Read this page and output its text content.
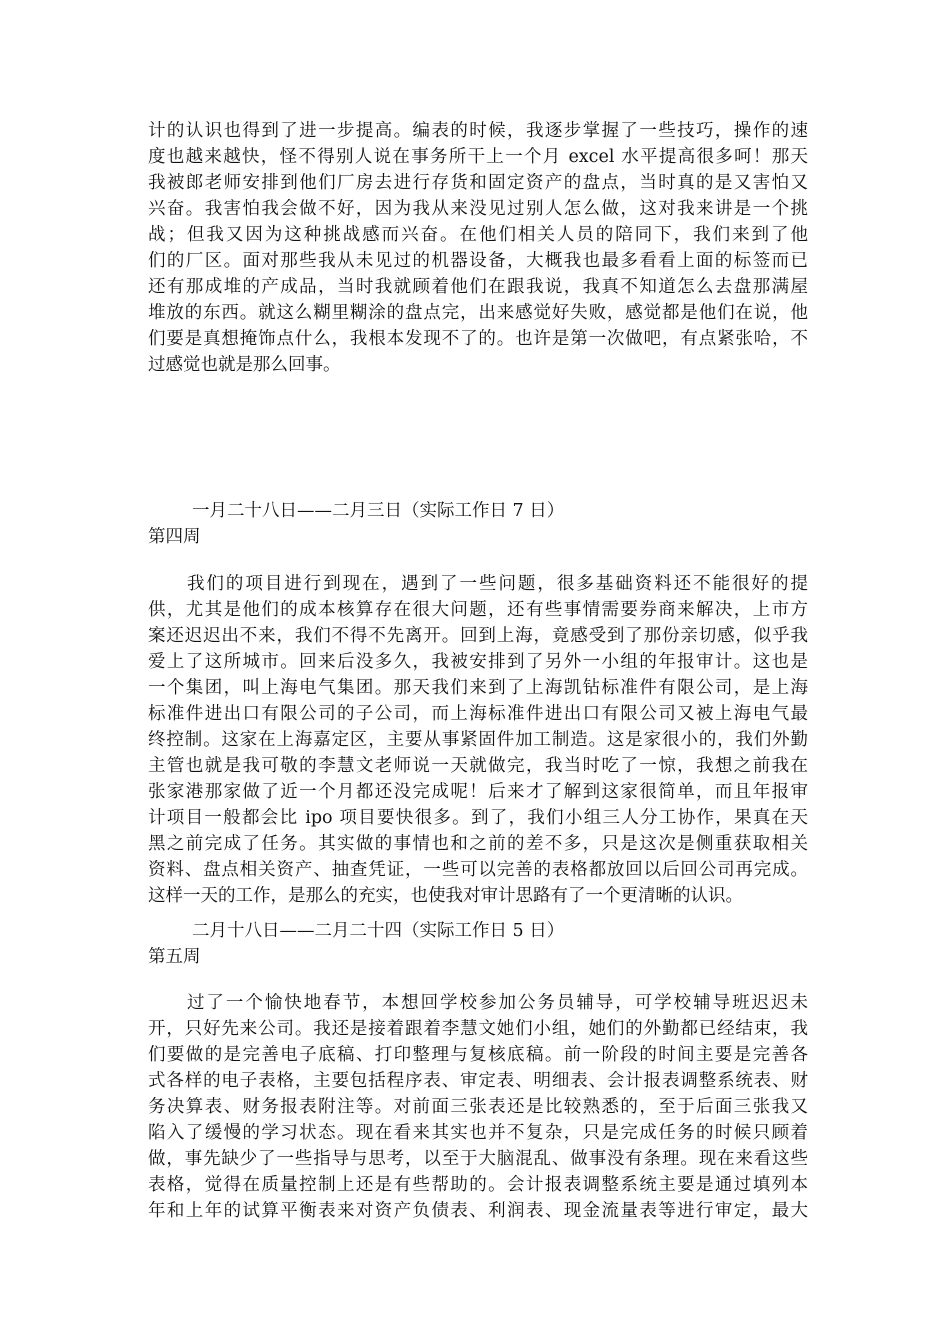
计的认识也得到了进一步提高。编表的时候，我逐步掌握了一些技巧，操作的速
度也越来越快，怪不得别人说在事务所干上一个月 excel 水平提高很多呵！那天
我被郎老师安排到他们厂房去进行存货和固定资产的盘点，当时真的是又害怕又
兴奋。我害怕我会做不好，因为我从来没见过别人怎么做，这对我来讲是一个挑
战；但我又因为这种挑战感而兴奋。在他们相关人员的陪同下，我们来到了他
们的厂区。面对那些我从未见过的机器设备，大概我也最多看看上面的标签而已
还有那成堆的产成品，当时我就顾着他们在跟我说，我真不知道怎么去盘那满屋
堆放的东西。就这么糊里糊涂的盘点完，出来感觉好失败，感觉都是他们在说，他
们要是真想掩饰点什么，我根本发现不了的。也许是第一次做吧，有点紧张哈，不
过感觉也就是那么回事。
一月二十八日——二月三日（实际工作日 7 日）
第四周
　　我们的项目进行到现在，遇到了一些问题，很多基础资料还不能很好的提
供，尤其是他们的成本核算存在很大问题，还有些事情需要券商来解决，上市方
案还迟迟出不来，我们不得不先离开。回到上海，竟感受到了那份亲切感，似乎我
爱上了这所城市。回来后没多久，我被安排到了另外一小组的年报审计。这也是
一个集团，叫上海电气集团。那天我们来到了上海凯钻标准件有限公司，是上海
标准件进出口有限公司的子公司，而上海标准件进出口有限公司又被上海电气最
终控制。这家在上海嘉定区，主要从事紧固件加工制造。这是家很小的，我们外勤
主管也就是我可敬的李慧文老师说一天就做完，我当时吃了一惊，我想之前我在
张家港那家做了近一个月都还没完成呢！后来才了解到这家很简单，而且年报审
计项目一般都会比 ipo 项目要快很多。到了，我们小组三人分工协作，果真在天
黑之前完成了任务。其实做的事情也和之前的差不多，只是这次是侧重获取相关
资料、盘点相关资产、抽查凭证，一些可以完善的表格都放回以后回公司再完成。
这样一天的工作，是那么的充实，也使我对审计思路有了一个更清晰的认识。
二月十八日——二月二十四（实际工作日 5 日）
第五周
　　过了一个愉快地春节，本想回学校参加公务员辅导，可学校辅导班迟迟未
开，只好先来公司。我还是接着跟着李慧文她们小组，她们的外勤都已经结束，我
们要做的是完善电子底稿、打印整理与复核底稿。前一阶段的时间主要是完善各
式各样的电子表格，主要包括程序表、审定表、明细表、会计报表调整系统表、财
务决算表、财务报表附注等。对前面三张表还是比较熟悉的，至于后面三张我又
陷入了缓慢的学习状态。现在看来其实也并不复杂，只是完成任务的时候只顾着
做，事先缺少了一些指导与思考，以至于大脑混乱、做事没有条理。现在来看这些
表格，觉得在质量控制上还是有些帮助的。会计报表调整系统主要是通过填列本
年和上年的试算平衡表来对资产负债表、利润表、现金流量表等进行审定，最大
